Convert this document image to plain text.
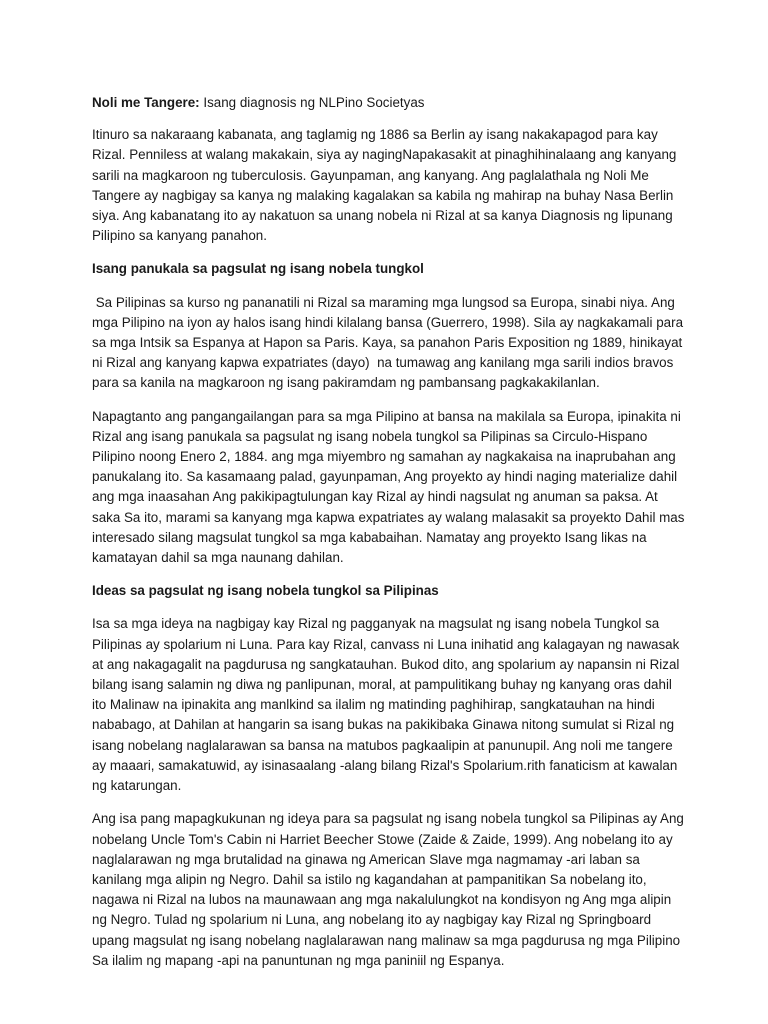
Noli me Tangere: Isang diagnosis ng NLPino Societyas

Itinuro sa nakaraang kabanata, ang taglamig ng 1886 sa Berlin ay isang nakakapagod para kay Rizal. Penniless at walang makakain, siya ay nagingNapakasakit at pinaghihinalaang ang kanyang sarili na magkaroon ng tuberculosis. Gayunpaman, ang kanyang. Ang paglalathala ng Noli Me Tangere ay nagbigay sa kanya ng malaking kagalakan sa kabila ng mahirap na buhay Nasa Berlin siya. Ang kabanatang ito ay nakatuon sa unang nobela ni Rizal at sa kanya Diagnosis ng lipunang Pilipino sa kanyang panahon.

Isang panukala sa pagsulat ng isang nobela tungkol

Sa Pilipinas sa kurso ng pananatili ni Rizal sa maraming mga lungsod sa Europa, sinabi niya. Ang mga Pilipino na iyon ay halos isang hindi kilalang bansa (Guerrero, 1998). Sila ay nagkakamali para sa mga Intsik sa Espanya at Hapon sa Paris. Kaya, sa panahon Paris Exposition ng 1889, hinikayat ni Rizal ang kanyang kapwa expatriates (dayo)  na tumawag ang kanilang mga sarili indios bravos para sa kanila na magkaroon ng isang pakiramdam ng pambansang pagkakakilanlan.

Napagtanto ang pangangailangan para sa mga Pilipino at bansa na makilala sa Europa, ipinakita ni Rizal ang isang panukala sa pagsulat ng isang nobela tungkol sa Pilipinas sa Circulo-Hispano Pilipino noong Enero 2, 1884. ang mga miyembro ng samahan ay nagkakaisa na inaprubahan ang panukalang ito. Sa kasamaang palad, gayunpaman, Ang proyekto ay hindi naging materialize dahil ang mga inaasahan Ang pakikipagtulungan kay Rizal ay hindi nagsulat ng anuman sa paksa. At saka Sa ito, marami sa kanyang mga kapwa expatriates ay walang malasakit sa proyekto Dahil mas interesado silang magsulat tungkol sa mga kababaihan. Namatay ang proyekto Isang likas na kamatayan dahil sa mga naunang dahilan.

Ideas sa pagsulat ng isang nobela tungkol sa Pilipinas

Isa sa mga ideya na nagbigay kay Rizal ng pagganyak na magsulat ng isang nobela Tungkol sa Pilipinas ay spolarium ni Luna. Para kay Rizal, canvass ni Luna inihatid ang kalagayan ng nawasak at ang nakagagalit na pagdurusa ng sangkatauhan. Bukod dito, ang spolarium ay napansin ni Rizal bilang isang salamin ng diwa ng panlipunan, moral, at pampulitikang buhay ng kanyang oras dahil ito Malinaw na ipinakita ang manlkind sa ilalim ng matinding paghihirap, sangkatauhan na hindi nababago, at Dahilan at hangarin sa isang bukas na pakikibaka Ginawa nitong sumulat si Rizal ng isang nobelang naglalarawan sa bansa na matubos pagkaalipin at panunupil. Ang noli me tangere ay maaari, samakatuwid, ay isinasaalang -alang bilang Rizal's Spolarium.rith fanaticism at kawalan ng katarungan.

Ang isa pang mapagkukunan ng ideya para sa pagsulat ng isang nobela tungkol sa Pilipinas ay Ang nobelang Uncle Tom's Cabin ni Harriet Beecher Stowe (Zaide & Zaide, 1999). Ang nobelang ito ay naglalarawan ng mga brutalidad na ginawa ng American Slave mga nagmamay -ari laban sa kanilang mga alipin ng Negro. Dahil sa istilo ng kagandahan at pampanitikan Sa nobelang ito, nagawa ni Rizal na lubos na maunawaan ang mga nakalulungkot na kondisyon ng Ang mga alipin ng Negro. Tulad ng spolarium ni Luna, ang nobelang ito ay nagbigay kay Rizal ng Springboard upang magsulat ng isang nobelang naglalarawan nang malinaw sa mga pagdurusa ng mga Pilipino Sa ilalim ng mapang -api na panuntunan ng mga paniniil ng Espanya.
